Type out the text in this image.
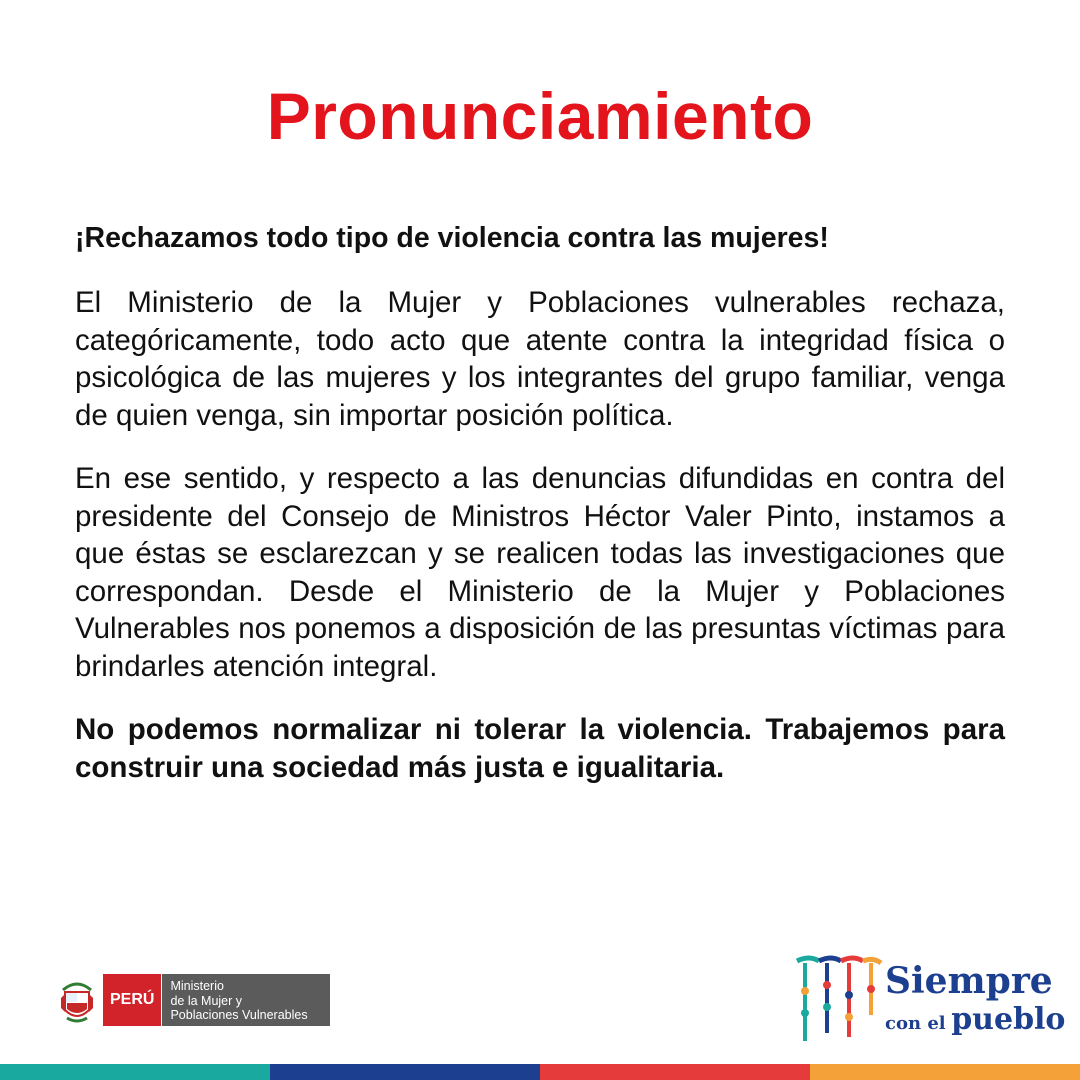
Pronunciamiento

¡Rechazamos todo tipo de violencia contra las mujeres!

El Ministerio de la Mujer y Poblaciones vulnerables rechaza, categóricamente, todo acto que atente contra la integridad física o psicológica de las mujeres y los integrantes del grupo familiar, venga de quien venga, sin importar posición política.

En ese sentido, y respecto a las denuncias difundidas en contra del presidente del Consejo de Ministros Héctor Valer Pinto, instamos a que éstas se esclarezcan y se realicen todas las investigaciones que correspondan. Desde el Ministerio de la Mujer y Poblaciones Vulnerables nos ponemos a disposición de las presuntas víctimas para brindarles atención integral.

No podemos normalizar ni tolerar la violencia. Trabajemos para construir una sociedad más justa e igualitaria.

PERÚ
Ministerio
de la Mujer y
Poblaciones Vulnerables
Siempre
con el pueblo
